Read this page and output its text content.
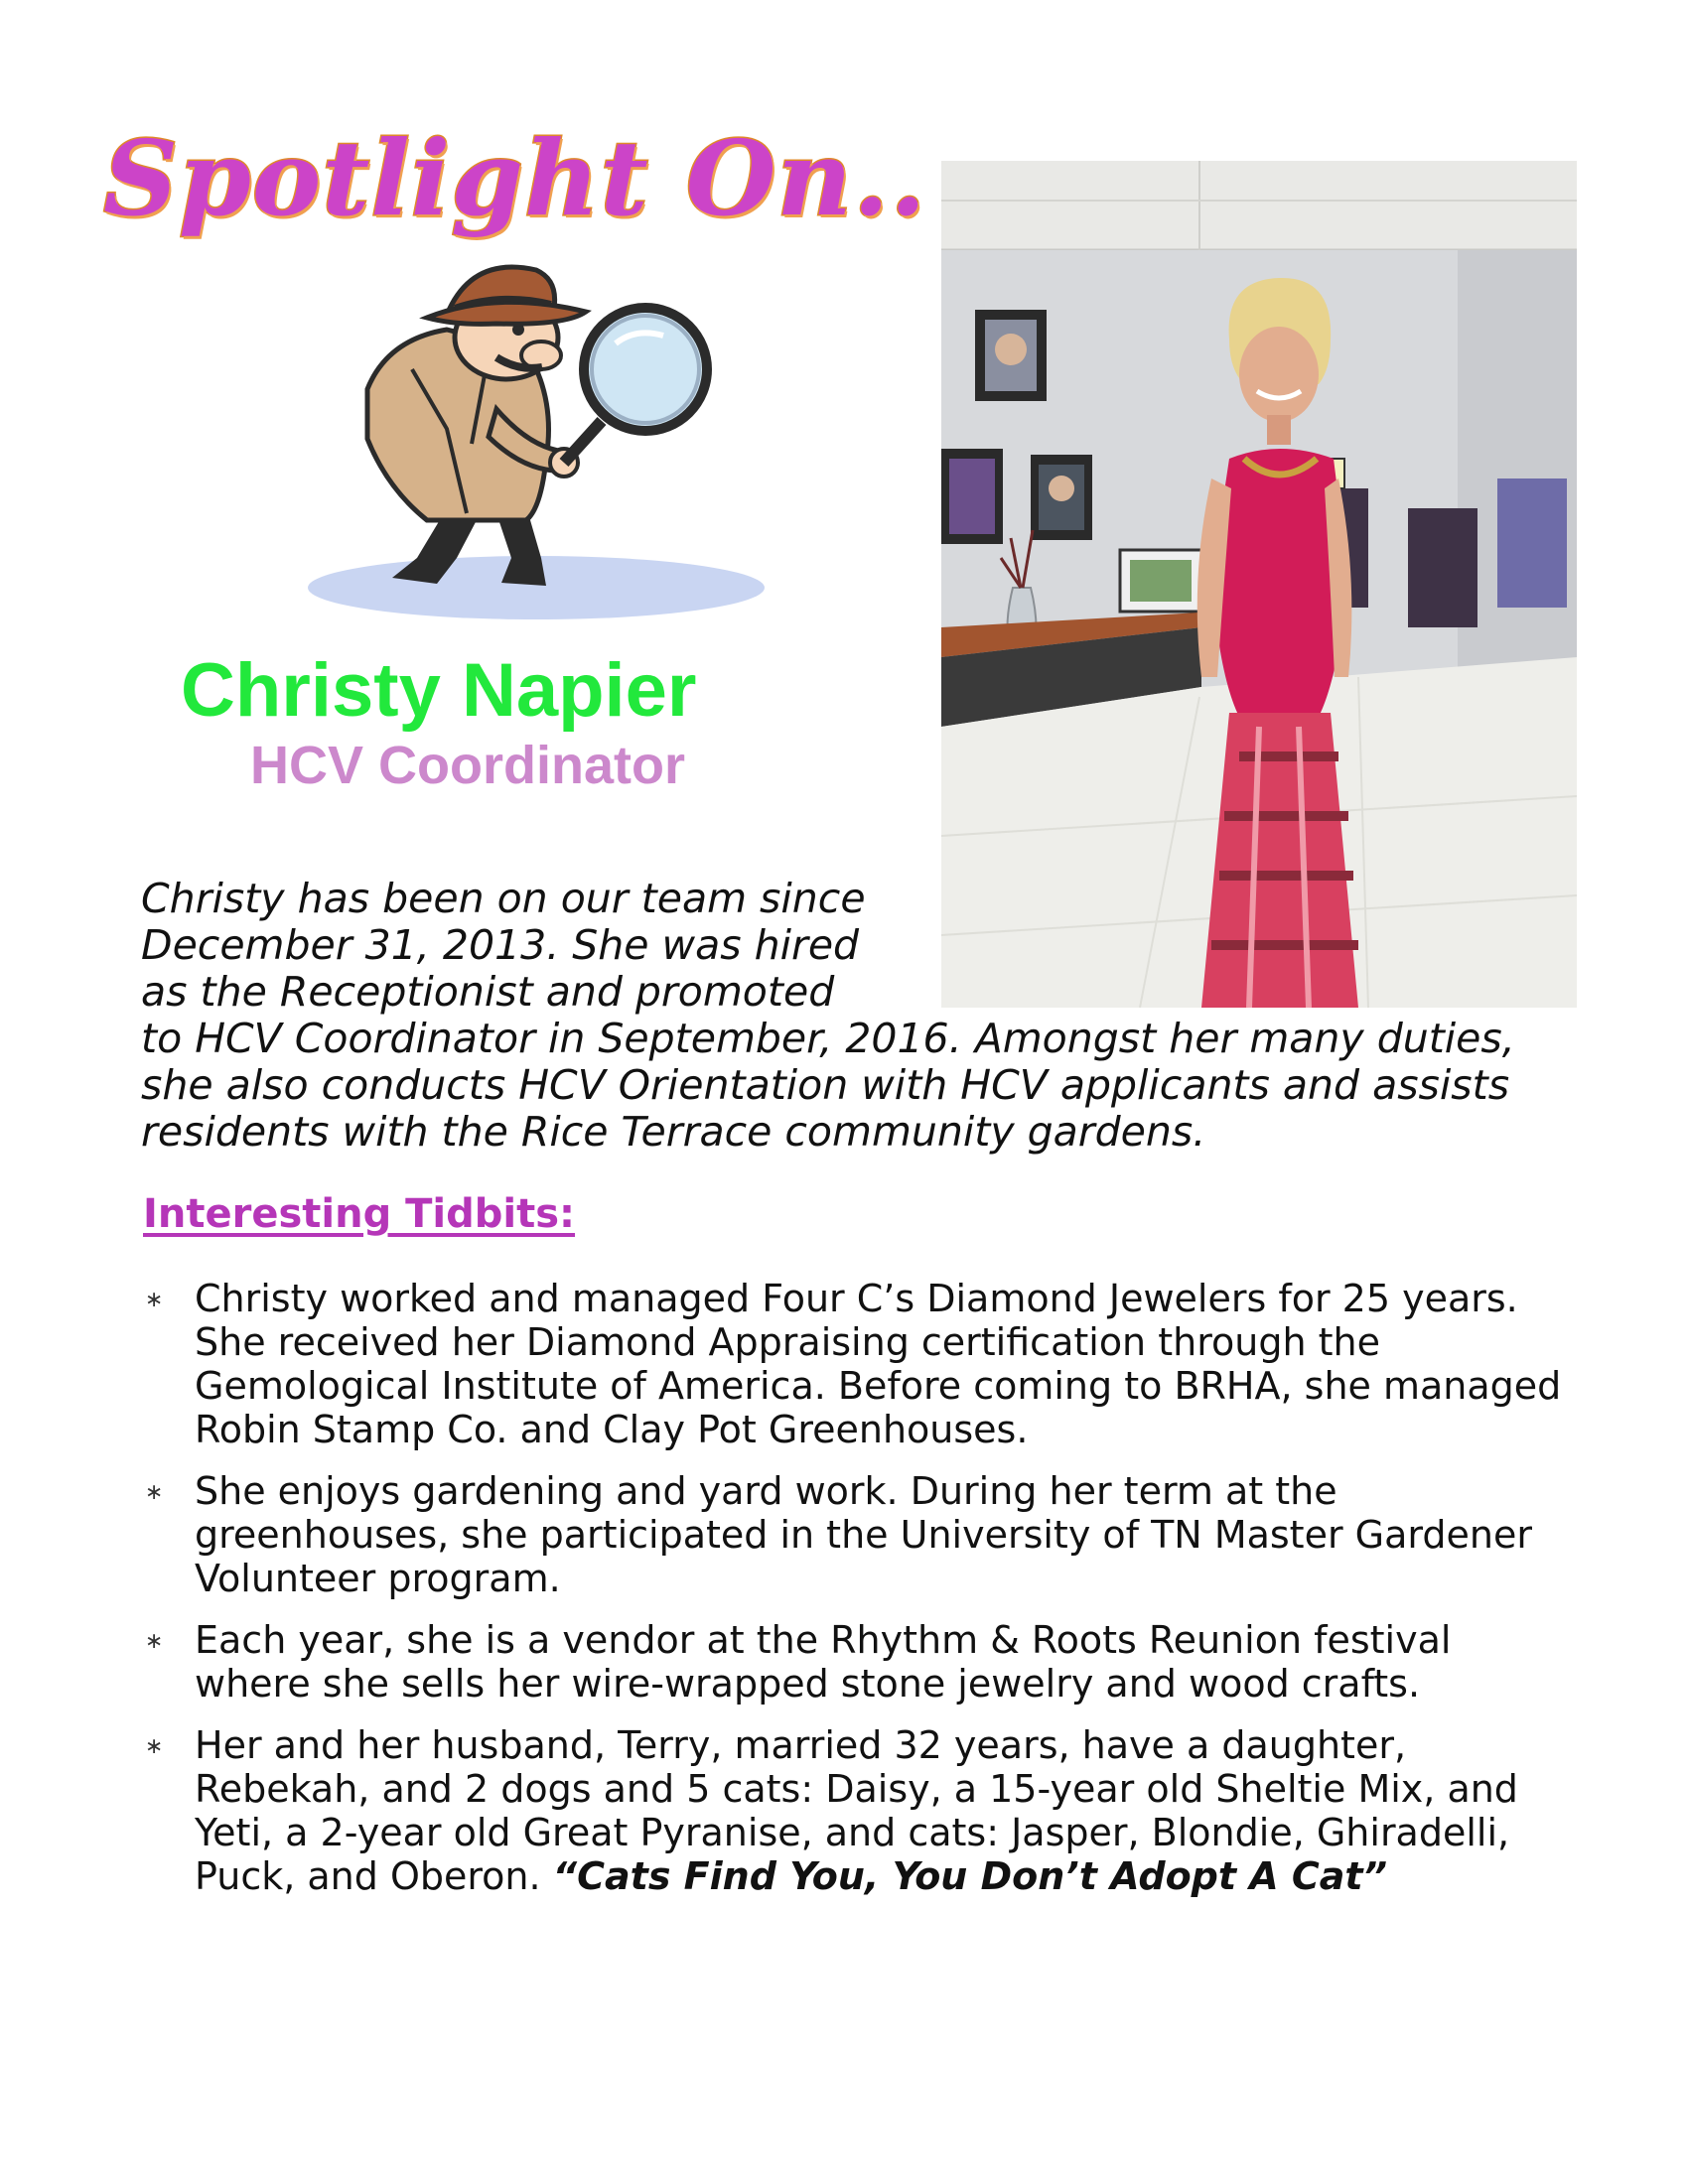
Spotlight On..
Christy Napier
HCV Coordinator

Christy has been on our team since
December 31, 2013. She was hired
as the Receptionist and promoted
to HCV Coordinator in September, 2016. Amongst her many duties, she also conducts HCV Orientation with HCV applicants and assists residents with the Rice Terrace community gardens.

Interesting Tidbits:
∗ Christy worked and managed Four C’s Diamond Jewelers for 25 years. She received her Diamond Appraising certification through the Gemological Institute of America. Before coming to BRHA, she managed Robin Stamp Co. and Clay Pot Greenhouses.
∗ She enjoys gardening and yard work. During her term at the greenhouses, she participated in the University of TN Master Gardener Volunteer program.
∗ Each year, she is a vendor at the Rhythm & Roots Reunion festival where she sells her wire-wrapped stone jewelry and wood crafts.
∗ Her and her husband, Terry, married 32 years, have a daughter, Rebekah, and 2 dogs and 5 cats: Daisy, a 15-year old Sheltie Mix, and Yeti, a 2-year old Great Pyranise, and cats: Jasper, Blondie, Ghiradelli, Puck, and Oberon. “Cats Find You, You Don’t Adopt A Cat”
